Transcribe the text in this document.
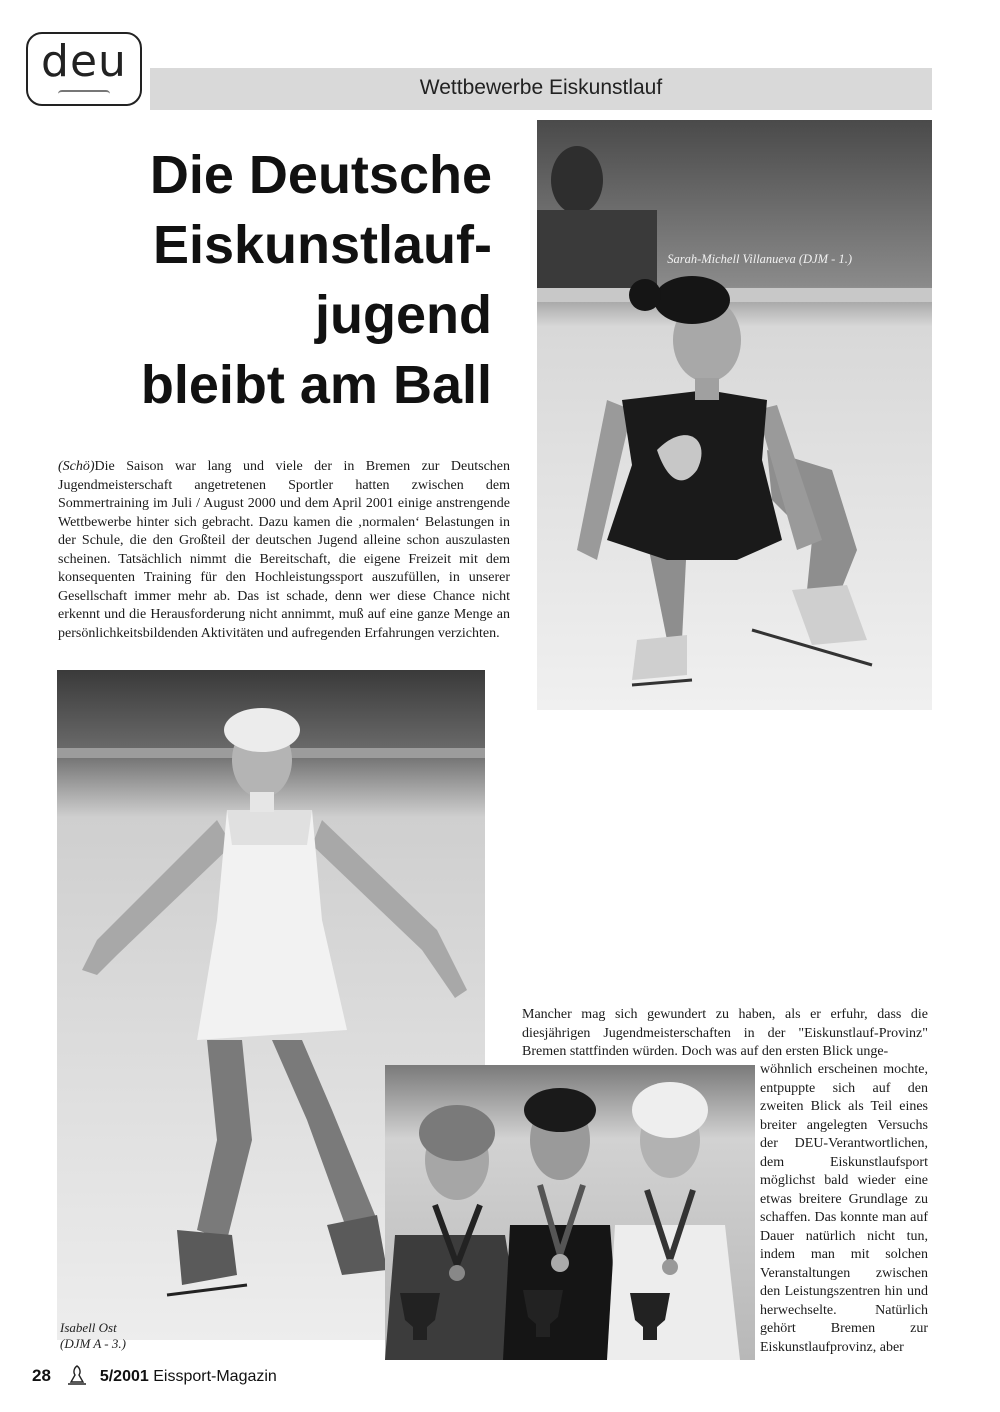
deu
Wettbewerbe Eiskunstlauf
Die Deutsche
Eiskunstlauf-
jugend
bleibt am Ball
Sarah-Michell Villanueva (DJM - 1.)
(Schö)Die Saison war lang und viele der in Bremen zur Deutschen Jugendmeisterschaft angetretenen Sportler hatten zwischen dem Sommertraining im Juli / August 2000 und dem April 2001 einige anstrengende Wettbewerbe hinter sich gebracht. Dazu kamen die ‚normalen‘ Belastungen in der Schule, die den Großteil der deutschen Jugend alleine schon auszulasten scheinen. Tatsächlich nimmt die Bereitschaft, die eigene Freizeit mit dem konsequenten Training für den Hochleistungssport auszufüllen, in unserer Gesellschaft immer mehr ab. Das ist schade, denn wer diese Chance nicht erkennt und die Herausforderung nicht annimmt, muß auf eine ganze Menge an persönlichkeitsbildenden Aktivitäten und aufregenden Erfahrungen verzichten.
Isabell Ost
(DJM A - 3.)
Mancher mag sich gewundert zu haben, als er erfuhr, dass die diesjährigen Jugendmeisterschaften in der "Eiskunstlauf-Provinz" Bremen stattfinden würden. Doch was auf den ersten Blick unge-
wöhnlich erscheinen mochte, entpuppte sich auf den zweiten Blick als Teil eines breiter angelegten Versuchs der DEU-Verantwortlichen, dem Eiskunstlaufsport möglichst bald wieder eine etwas breitere Grundlage zu schaffen. Das konnte man auf Dauer natürlich nicht tun, indem man mit solchen Veranstaltungen zwischen den Leistungszentren hin und herwechselte. Natürlich gehört Bremen zur Eiskunstlaufprovinz, aber
28	5/2001 Eissport-Magazin
